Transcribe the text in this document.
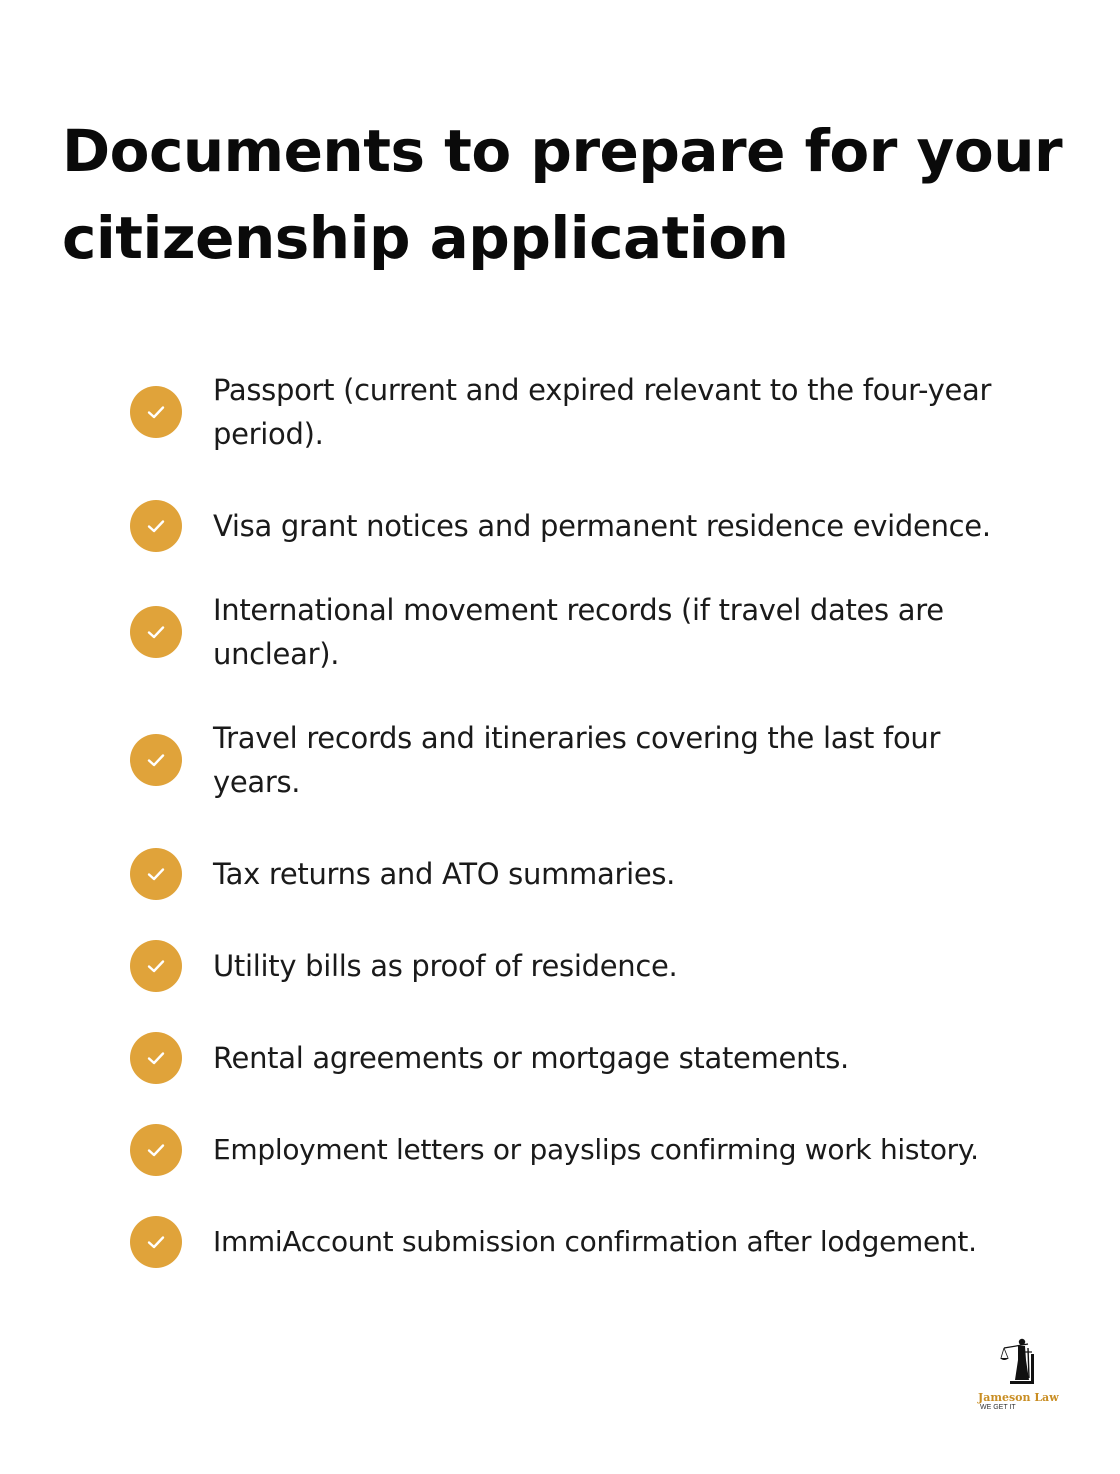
Documents to prepare for your citizenship application
Passport (current and expired relevant to the four-year period).
Visa grant notices and permanent residence evidence.
International movement records (if travel dates are unclear).
Travel records and itineraries covering the last four years.
Tax returns and ATO summaries.
Utility bills as proof of residence.
Rental agreements or mortgage statements.
Employment letters or payslips confirming work history.
ImmiAccount submission confirmation after lodgement.
Jameson Law
WE GET IT
